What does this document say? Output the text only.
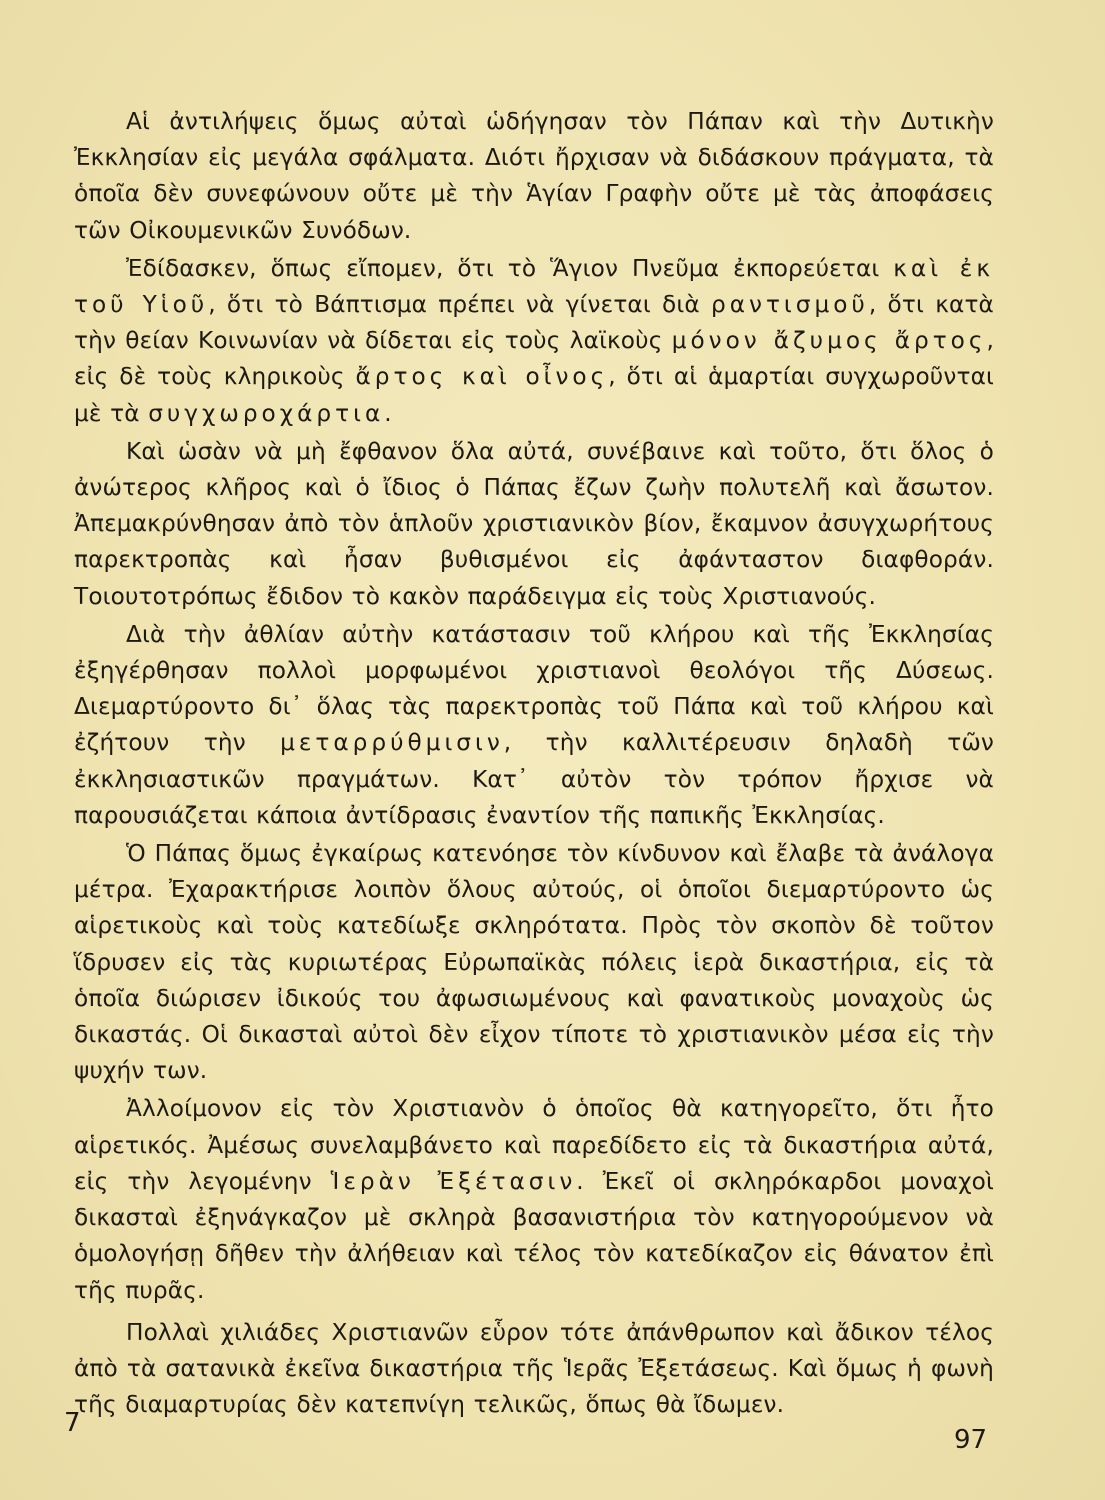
Αἱ ἀντιλήψεις ὅμως αὐταὶ ὡδήγησαν τὸν Πάπαν καὶ τὴν Δυτικὴν Ἐκκλησίαν εἰς μεγάλα σφάλματα. Διότι ἤρχισαν νὰ διδάσκουν πράγματα, τὰ ὁποῖα δὲν συνεφώνουν οὔτε μὲ τὴν Ἁγίαν Γραφὴν οὔτε μὲ τὰς ἀποφάσεις τῶν Οἰκουμενικῶν Συνόδων.

Ἐδίδασκεν, ὅπως εἴπομεν, ὅτι τὸ Ἅγιον Πνεῦμα ἐκπορεύεται καὶ ἐκ τοῦ Υἱοῦ, ὅτι τὸ Βάπτισμα πρέπει νὰ γίνεται διὰ ραντισμοῦ, ὅτι κατὰ τὴν θείαν Κοινωνίαν νὰ δίδεται εἰς τοὺς λαϊκοὺς μόνον ἄζυμος ἄρτος, εἰς δὲ τοὺς κληρικοὺς ἄρτος καὶ οἶνος, ὅτι αἱ ἁμαρτίαι συγχωροῦνται μὲ τὰ συγχωροχάρτια.

Καὶ ὡσὰν νὰ μὴ ἔφθανον ὅλα αὐτά, συνέβαινε καὶ τοῦτο, ὅτι ὅλος ὁ ἀνώτερος κλῆρος καὶ ὁ ἴδιος ὁ Πάπας ἔζων ζωὴν πολυτελῆ καὶ ἄσωτον. Ἀπεμακρύνθησαν ἀπὸ τὸν ἁπλοῦν χριστιανικὸν βίον, ἔκαμνον ἀσυγχωρήτους παρεκτροπὰς καὶ ἦσαν βυθισμένοι εἰς ἀφάνταστον διαφθοράν. Τοιουτοτρόπως ἔδιδον τὸ κακὸν παράδειγμα εἰς τοὺς Χριστιανούς.

Διὰ τὴν ἀθλίαν αὐτὴν κατάστασιν τοῦ κλήρου καὶ τῆς Ἐκκλησίας ἐξηγέρθησαν πολλοὶ μορφωμένοι χριστιανοὶ θεολόγοι τῆς Δύσεως. Διεμαρτύροντο δι᾽ ὅλας τὰς παρεκτροπὰς τοῦ Πάπα καὶ τοῦ κλήρου καὶ ἐζήτουν τὴν μεταρρύθμισιν, τὴν καλλιτέρευσιν δηλαδὴ τῶν ἐκκλησιαστικῶν πραγμάτων. Κατ᾽ αὐτὸν τὸν τρόπον ἤρχισε νὰ παρουσιάζεται κάποια ἀντίδρασις ἐναντίον τῆς παπικῆς Ἐκκλησίας.

Ὁ Πάπας ὅμως ἐγκαίρως κατενόησε τὸν κίνδυνον καὶ ἔλαβε τὰ ἀνάλογα μέτρα. Ἐχαρακτήρισε λοιπὸν ὅλους αὐτούς, οἱ ὁποῖοι διεμαρτύροντο ὡς αἱρετικοὺς καὶ τοὺς κατεδίωξε σκληρότατα. Πρὸς τὸν σκοπὸν δὲ τοῦτον ἵδρυσεν εἰς τὰς κυριωτέρας Εὐρωπαϊκὰς πόλεις ἱερὰ δικαστήρια, εἰς τὰ ὁποῖα διώρισεν ἰδικούς του ἀφωσιωμένους καὶ φανατικοὺς μοναχοὺς ὡς δικαστάς. Οἱ δικασταὶ αὐτοὶ δὲν εἶχον τίποτε τὸ χριστιανικὸν μέσα εἰς τὴν ψυχήν των.

Ἀλλοίμονον εἰς τὸν Χριστιανὸν ὁ ὁποῖος θὰ κατηγορεῖτο, ὅτι ἦτο αἱρετικός. Ἀμέσως συνελαμβάνετο καὶ παρεδίδετο εἰς τὰ δικαστήρια αὐτά, εἰς τὴν λεγομένην Ἱερὰν Ἐξέτασιν. Ἐκεῖ οἱ σκληρόκαρδοι μοναχοὶ δικασταὶ ἐξηνάγκαζον μὲ σκληρὰ βασανιστήρια τὸν κατηγορούμενον νὰ ὁμολογήσῃ δῆθεν τὴν ἀλήθειαν καὶ τέλος τὸν κατεδίκαζον εἰς θάνατον ἐπὶ τῆς πυρᾶς.

Πολλαὶ χιλιάδες Χριστιανῶν εὗρον τότε ἀπάνθρωπον καὶ ἄδικον τέλος ἀπὸ τὰ σατανικὰ ἐκεῖνα δικαστήρια τῆς Ἱερᾶς Ἐξετάσεως. Καὶ ὅμως ἡ φωνὴ τῆς διαμαρτυρίας δὲν κατεπνίγη τελικῶς, ὅπως θὰ ἴδωμεν.

7
97
